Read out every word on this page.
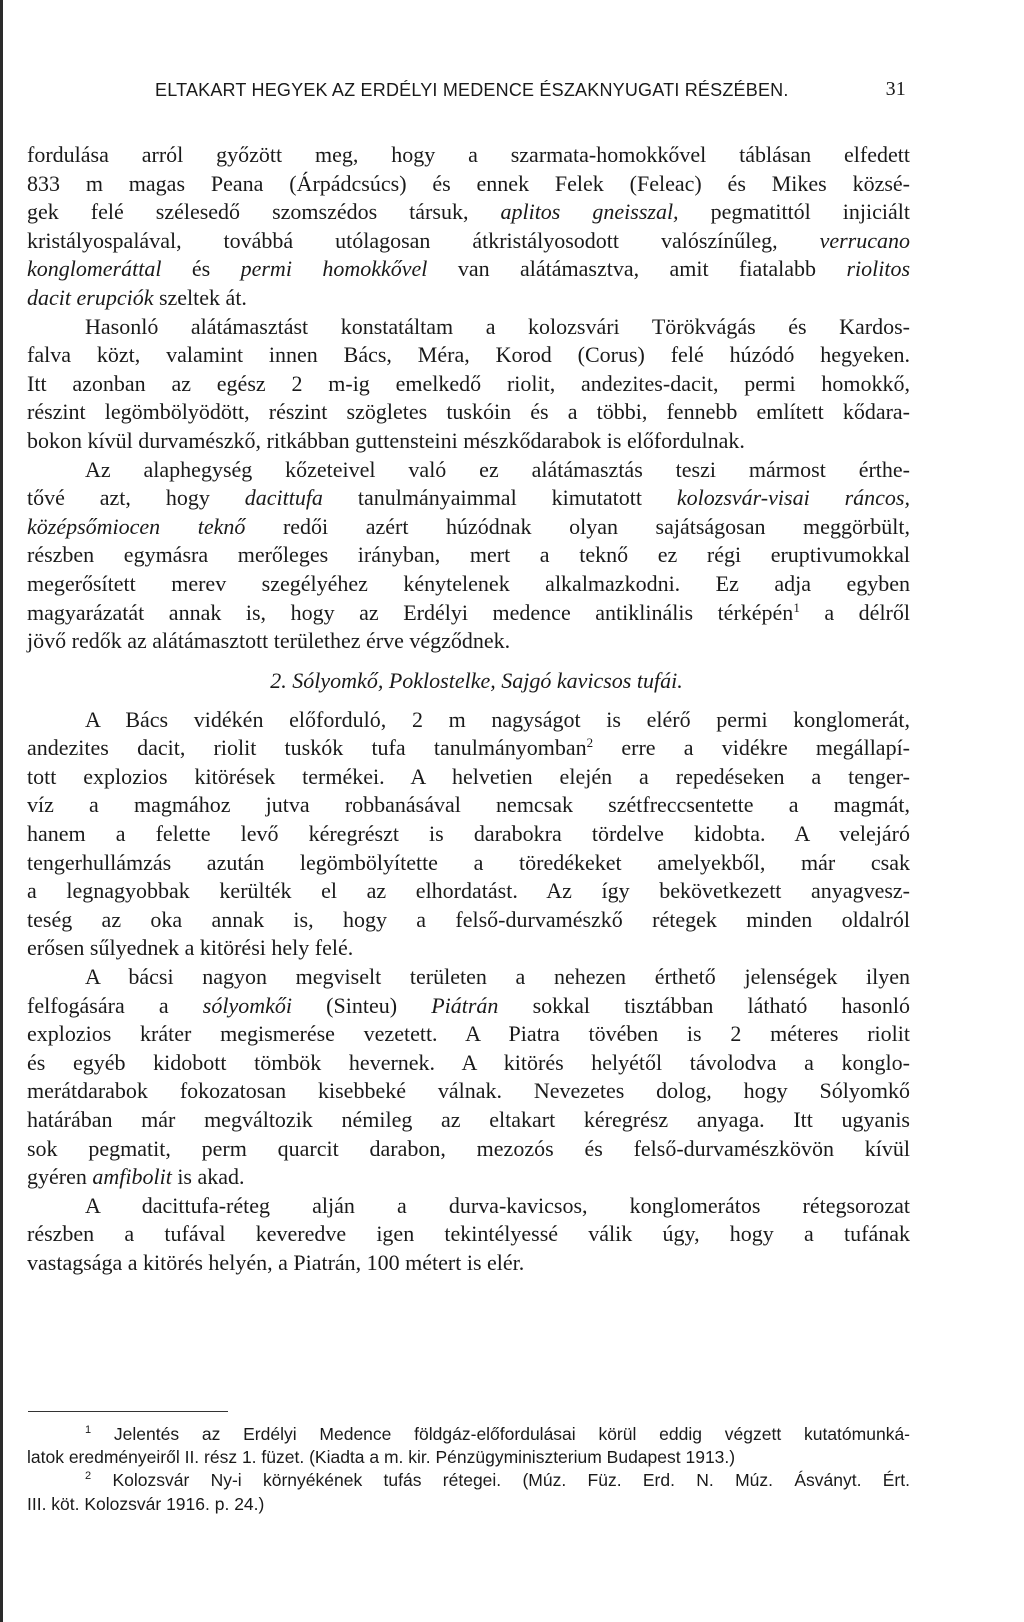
ELTAKART HEGYEK AZ ERDÉLYI MEDENCE ÉSZAKNYUGATI RÉSZÉBEN.	31
fordulása arról győzött meg, hogy a szarmata-homokkővel táblásan elfedett
833 m magas Peana (Árpádcsúcs) és ennek Felek (Feleac) és Mikes közsé-
gek felé szélesedő szomszédos társuk, aplitos gneisszal, pegmatittól injiciált
kristályospalával, továbbá utólagosan átkristályosodott valószínűleg, verrucano
konglomeráttal és permi homokkővel van alátámasztva, amit fiatalabb riolitos
dacit erupciók szeltek át.
Hasonló alátámasztást konstatáltam a kolozsvári Törökvágás és Kardos-
falva közt, valamint innen Bács, Méra, Korod (Corus) felé húzódó hegyeken.
Itt azonban az egész 2 m-ig emelkedő riolit, andezites-dacit, permi homokkő,
részint legömbölyödött, részint szögletes tuskóin és a többi, fennebb említett kődara-
bokon kívül durvamészkő, ritkábban guttensteini mészkődarabok is előfordulnak.
Az alaphegység kőzeteivel való ez alátámasztás teszi mármost érthe-
tővé azt, hogy dacittufa tanulmányaimmal kimutatott kolozsvár-visai ráncos,
középsőmiocen teknő redői azért húzódnak olyan sajátságosan meggörbült,
részben egymásra merőleges irányban, mert a teknő ez régi eruptivumokkal
megerősített merev szegélyéhez kénytelenek alkalmazkodni. Ez adja egyben
magyarázatát annak is, hogy az Erdélyi medence antiklinális térképén$^1$ a délről
jövő redők az alátámasztott területhez érve végződnek.
2. Sólyomkő, Poklostelke, Sajgó kavicsos tufái.
A Bács vidékén előforduló, 2 m nagyságot is elérő permi konglomerát,
andezites dacit, riolit tuskók tufa tanulmányomban$^2$ erre a vidékre megállapí-
tott explozios kitörések termékei. A helvetien elején a repedéseken a tenger-
víz a magmához jutva robbanásával nemcsak szétfreccsentette a magmát,
hanem a felette levő kéregrészt is darabokra tördelve kidobta. A velejáró
tengerhullámzás azután legömbölyítette a töredékeket amelyekből, már csak
a legnagyobbak kerülték el az elhordatást. Az így bekövetkezett anyagvesz-
teség az oka annak is, hogy a felső-durvamészkő rétegek minden oldalról
erősen sűlyednek a kitörési hely felé.
A bácsi nagyon megviselt területen a nehezen érthető jelenségek ilyen
felfogására a sólyomkői (Sinteu) Piátrán sokkal tisztábban látható hasonló
explozios kráter megismerése vezetett. A Piatra tövében is 2 méteres riolit
és egyéb kidobott tömbök hevernek. A kitörés helyétől távolodva a konglo-
merátdarabok fokozatosan kisebbeké válnak. Nevezetes dolog, hogy Sólyomkő
határában már megváltozik némileg az eltakart kéregrész anyaga. Itt ugyanis
sok pegmatit, perm quarcit darabon, mezozós és felső-durvamészkövön kívül
gyéren amfibolit is akad.
A dacittufa-réteg alján a durva-kavicsos, konglomerátos rétegsorozat
részben a tufával keveredve igen tekintélyessé válik úgy, hogy a tufának
vastagsága a kitörés helyén, a Piatrán, 100 métert is elér.
$^1$ Jelentés az Erdélyi Medence földgáz-előfordulásai körül eddig végzett kutatómunká-
latok eredményeiről II. rész 1. füzet. (Kiadta a m. kir. Pénzügyminiszterium Budapest 1913.)
$^2$ Kolozsvár Ny-i környékének tufás rétegei. (Múz. Füz. Erd. N. Múz. Ásványt. Ért.
III. köt. Kolozsvár 1916. p. 24.)
